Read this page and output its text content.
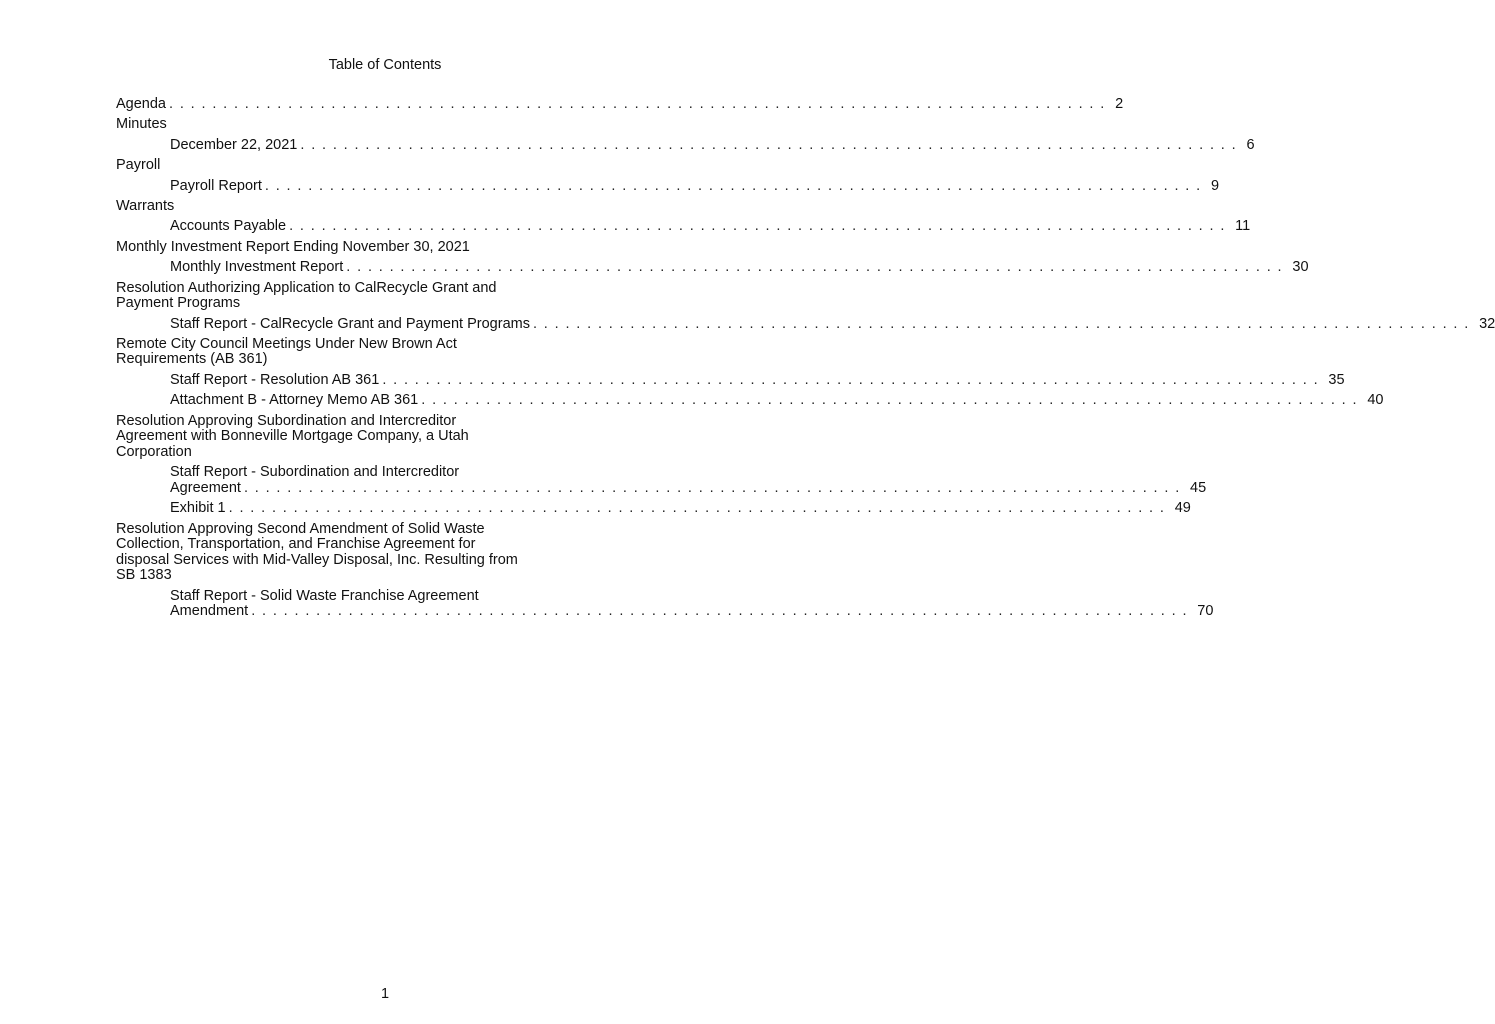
Table of Contents
Agenda ....................................................................................... 2
Minutes
December 22, 2021 ....................................................................................... 6
Payroll
Payroll Report ....................................................................................... 9
Warrants
Accounts Payable ....................................................................................... 11
Monthly Investment Report Ending November 30, 2021
Monthly Investment Report ....................................................................................... 30
Resolution Authorizing Application to CalRecycle Grant and
Payment Programs
Staff Report - CalRecycle Grant and Payment Programs ....................................................................................... 32
Remote City Council Meetings Under New Brown Act
Requirements (AB 361)
Staff Report - Resolution AB 361 ....................................................................................... 35
Attachment B - Attorney Memo AB 361 ....................................................................................... 40
Resolution Approving Subordination and Intercreditor
Agreement with Bonneville Mortgage Company, a Utah
Corporation
Staff Report - Subordination and Intercreditor
Agreement ....................................................................................... 45
Exhibit 1 ....................................................................................... 49
Resolution Approving Second Amendment of Solid Waste
Collection, Transportation, and Franchise Agreement for
disposal Services with Mid-Valley Disposal, Inc. Resulting from
SB 1383
Staff Report - Solid Waste Franchise Agreement
Amendment ....................................................................................... 70
1
